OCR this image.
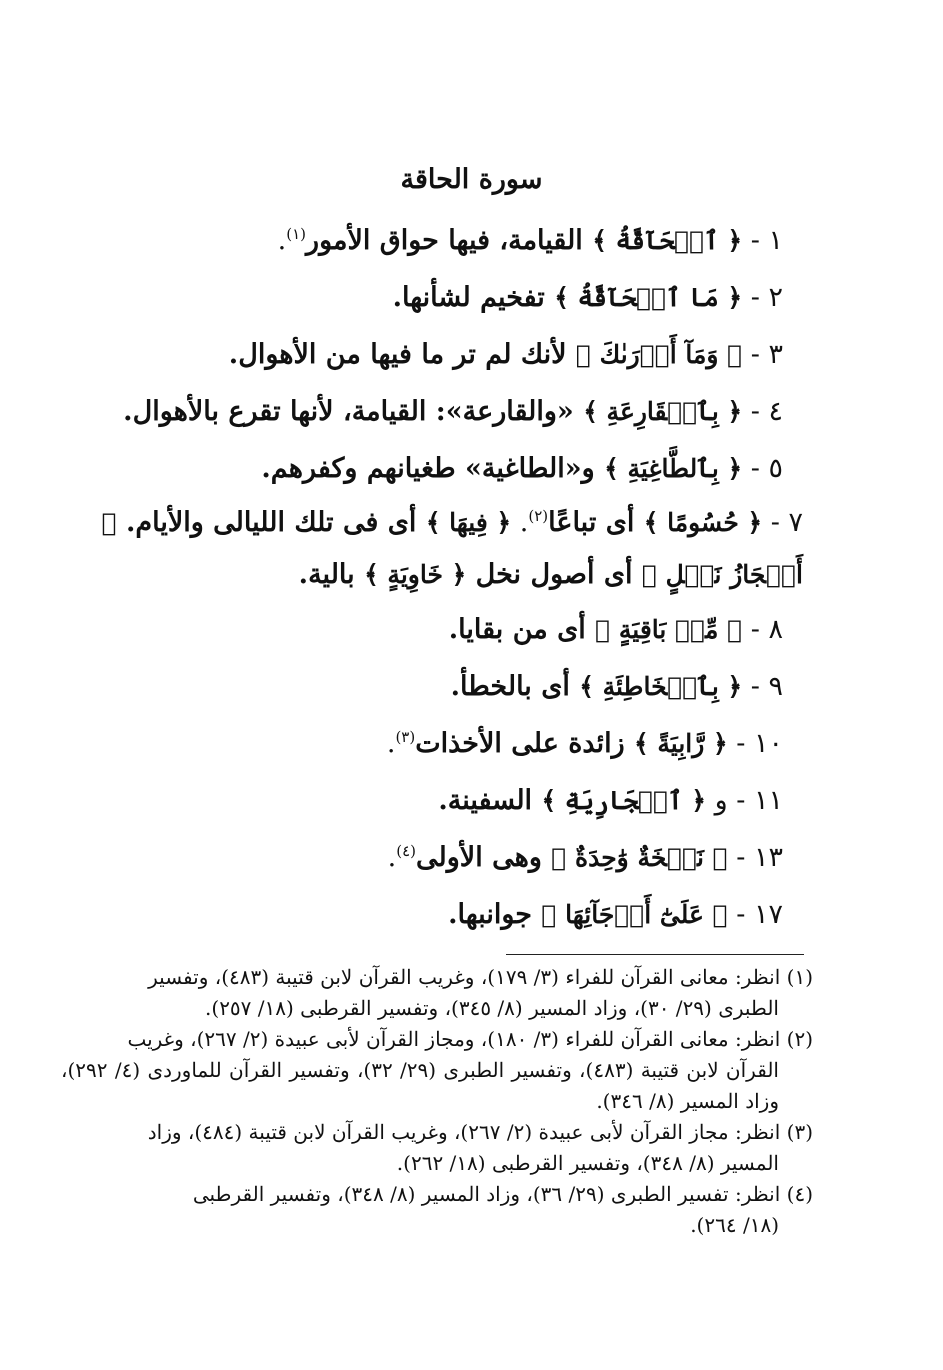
سورة الحاقة
١ - ﴿ ٱلۡحَآقَّةُ ﴾ القيامة، فيها حواق الأمور$^{(١)}$.
٢ - ﴿ مَا ٱلۡحَآقَّةُ ﴾ تفخيم لشأنها.
٣ - ﴿ وَمَآ أَدۡرَىٰكَ ﴾ لأنك لم تر ما فيها من الأهوال.
٤ - ﴿ بِٱلۡقَارِعَةِ ﴾ «والقارعة»: القيامة، لأنها تقرع بالأهوال.
٥ - ﴿ بِٱلطَّاغِيَةِ ﴾ و«الطاغية» طغيانهم وكفرهم.
٧ - ﴿ حُسُومًا ﴾ أى تباعًا$^{(٢)}$. ﴿ فِيهَا ﴾ أى فى تلك الليالى والأيام. ﴿ أَعۡجَازُ نَخۡلٍ ﴾ أى أصول نخل ﴿ خَاوِيَةٍ ﴾ بالية.
٨ - ﴿ مِّنۢ بَاقِيَةٍ ﴾ أى من بقايا.
٩ - ﴿ بِٱلۡخَاطِئَةِ ﴾ أى بالخطأ.
١٠ - ﴿ رَّابِيَةً ﴾ زائدة على الأخذات$^{(٣)}$.
١١ - و ﴿ ٱلۡجَارِيَةِ ﴾ السفينة.
١٣ - ﴿ نَفۡخَةٌ وَٰحِدَةٌ ﴾ وهى الأولى$^{(٤)}$.
١٧ - ﴿ عَلَىٰٓ أَرۡجَآئِهَا ﴾ جوانبها.

(١) انظر: معانى القرآن للفراء (٣/ ١٧٩)، وغريب القرآن لابن قتيبة (٤٨٣)، وتفسير
الطبرى (٢٩/ ٣٠)، وزاد المسير (٨/ ٣٤٥)، وتفسير القرطبى (١٨/ ٢٥٧).

(٢) انظر: معانى القرآن للفراء (٣/ ١٨٠)، ومجاز القرآن لأبى عبيدة (٢/ ٢٦٧)، وغريب
القرآن لابن قتيبة (٤٨٣)، وتفسير الطبرى (٢٩/ ٣٢)، وتفسير القرآن للماوردى (٤/ ٢٩٢)، وزاد المسير (٨/ ٣٤٦).

(٣) انظر: مجاز القرآن لأبى عبيدة (٢/ ٢٦٧)، وغريب القرآن لابن قتيبة (٤٨٤)، وزاد
المسير (٨/ ٣٤٨)، وتفسير القرطبى (١٨/ ٢٦٢).

(٤) انظر: تفسير الطبرى (٢٩/ ٣٦)، وزاد المسير (٨/ ٣٤٨)، وتفسير القرطبى
(١٨/ ٢٦٤).
